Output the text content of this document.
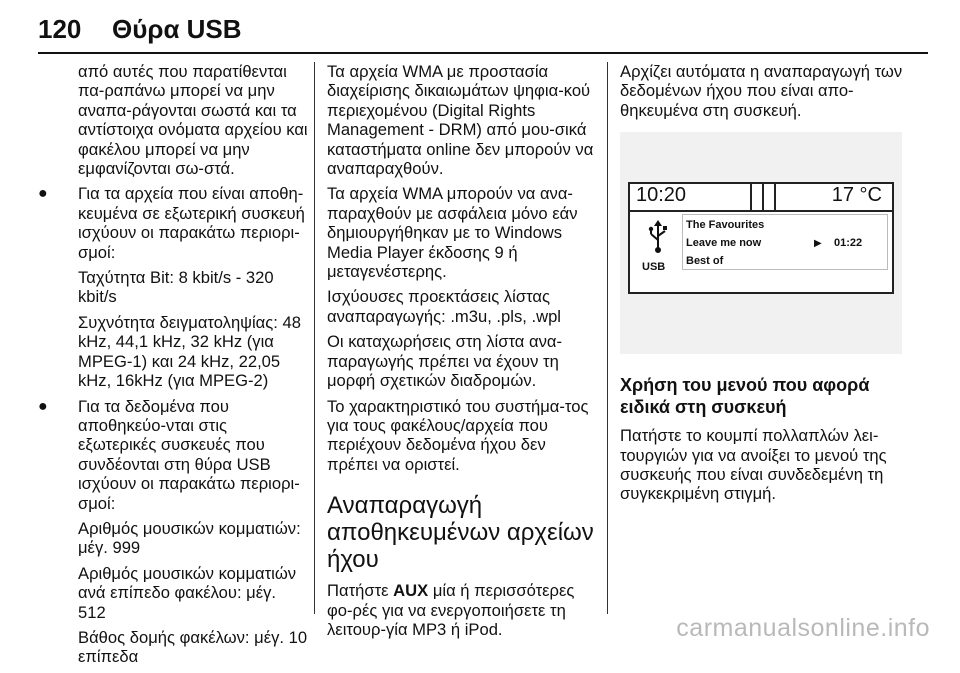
120 Θύρα USB
από αυτές που παρατίθενται πα-ραπάνω μπορεί να μην αναπα-ράγονται σωστά και τα αντίστοιχα ονόματα αρχείου και φακέλου μπορεί να μην εμφανίζονται σω-στά.
● Για τα αρχεία που είναι αποθη-κευμένα σε εξωτερική συσκευή ισχύουν οι παρακάτω περιορι-σμοί:
Ταχύτητα Bit: 8 kbit/s - 320 kbit/s
Συχνότητα δειγματοληψίας: 48 kHz, 44,1 kHz, 32 kHz (για MPEG-1) και 24 kHz, 22,05 kHz, 16kHz (για MPEG-2)
● Για τα δεδομένα που αποθηκεύο-νται στις εξωτερικές συσκευές που συνδέονται στη θύρα USB ισχύουν οι παρακάτω περιορι-σμοί:
Αριθμός μουσικών κομματιών: μέγ. 999
Αριθμός μουσικών κομματιών ανά επίπεδο φακέλου: μέγ. 512
Βάθος δομής φακέλων: μέγ. 10 επίπεδα
Τα αρχεία WMA με προστασία διαχείρισης δικαιωμάτων ψηφια-κού περιεχομένου (Digital Rights Management - DRM) από μου-σικά καταστήματα online δεν μπορούν να αναπαραχθούν.
Τα αρχεία WMA μπορούν να ανα-παραχθούν με ασφάλεια μόνο εάν δημιουργήθηκαν με το Windows Media Player έκδοσης 9 ή μεταγενέστερης.
Ισχύουσες προεκτάσεις λίστας αναπαραγωγής: .m3u, .pls, .wpl
Οι καταχωρήσεις στη λίστα ανα-παραγωγής πρέπει να έχουν τη μορφή σχετικών διαδρομών.
Το χαρακτηριστικό του συστήμα-τος για τους φακέλους/αρχεία που περιέχουν δεδομένα ήχου δεν πρέπει να οριστεί.
Αναπαραγωγή αποθηκευμένων αρχείων ήχου
Πατήστε AUX μία ή περισσότερες φο-ρές για να ενεργοποιήσετε τη λειτουρ-γία MP3 ή iPod.
Αρχίζει αυτόματα η αναπαραγωγή των δεδομένων ήχου που είναι απο-θηκευμένα στη συσκευή.
10:20	17 °C
USB
The Favourites
Leave me now
Best of
▶ 01:22
Χρήση του μενού που αφορά ειδικά στη συσκευή
Πατήστε το κουμπί πολλαπλών λει-τουργιών για να ανοίξει το μενού της συσκευής που είναι συνδεδεμένη τη συγκεκριμένη στιγμή.
carmanualsonline.info
